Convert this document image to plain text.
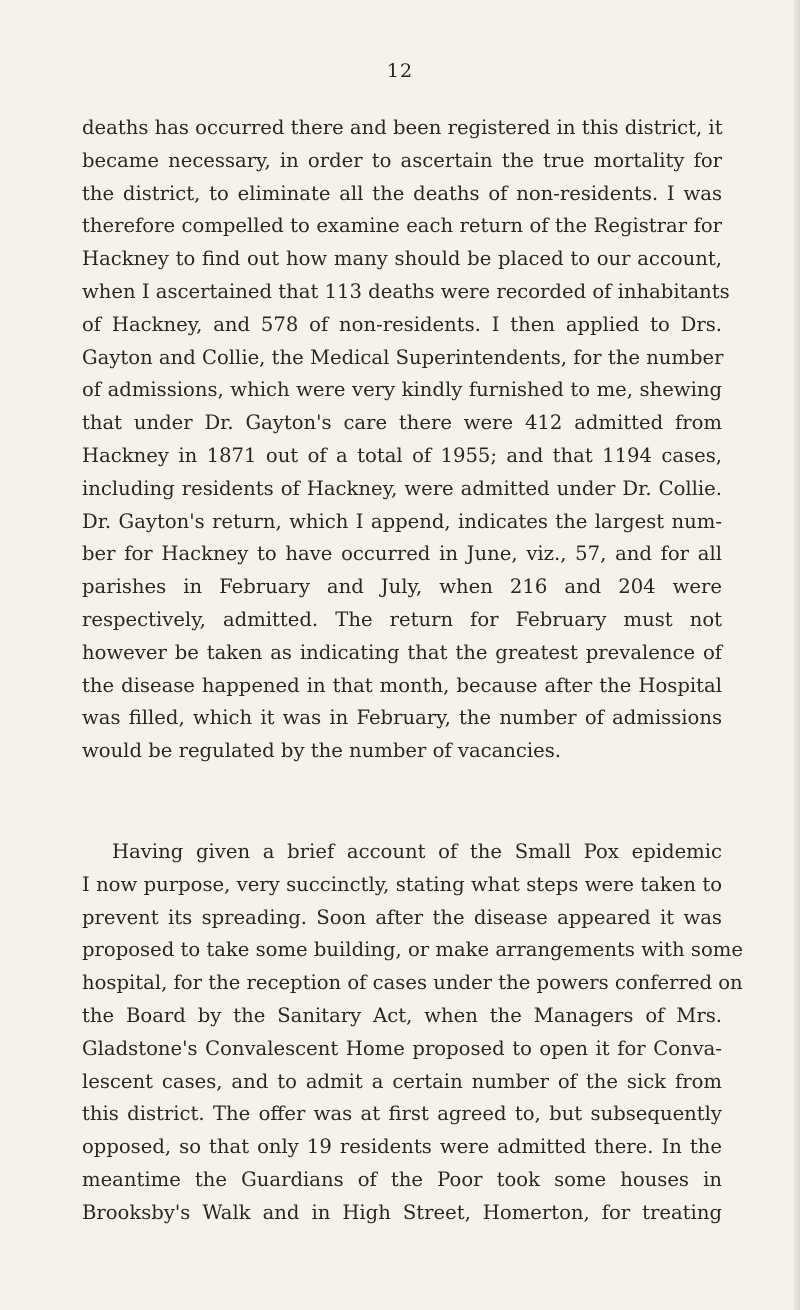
12
deaths has occurred there and been registered in this district, it
became necessary, in order to ascertain the true mortality for
the district, to eliminate all the deaths of non-residents. I was
therefore compelled to examine each return of the Registrar for
Hackney to find out how many should be placed to our account,
when I ascertained that 113 deaths were recorded of inhabitants
of Hackney, and 578 of non-residents. I then applied to Drs.
Gayton and Collie, the Medical Superintendents, for the number
of admissions, which were very kindly furnished to me, shewing
that under Dr. Gayton's care there were 412 admitted from
Hackney in 1871 out of a total of 1955; and that 1194 cases,
including residents of Hackney, were admitted under Dr. Collie.
Dr. Gayton's return, which I append, indicates the largest num-
ber for Hackney to have occurred in June, viz., 57, and for all
parishes in February and July, when 216 and 204 were
respectively, admitted. The return for February must not
however be taken as indicating that the greatest prevalence of
the disease happened in that month, because after the Hospital
was filled, which it was in February, the number of admissions
would be regulated by the number of vacancies.
Having given a brief account of the Small Pox epidemic
I now purpose, very succinctly, stating what steps were taken to
prevent its spreading. Soon after the disease appeared it was
proposed to take some building, or make arrangements with some
hospital, for the reception of cases under the powers conferred on
the Board by the Sanitary Act, when the Managers of Mrs.
Gladstone's Convalescent Home proposed to open it for Conva-
lescent cases, and to admit a certain number of the sick from
this district. The offer was at first agreed to, but subsequently
opposed, so that only 19 residents were admitted there. In the
meantime the Guardians of the Poor took some houses in
Brooksby's Walk and in High Street, Homerton, for treating
